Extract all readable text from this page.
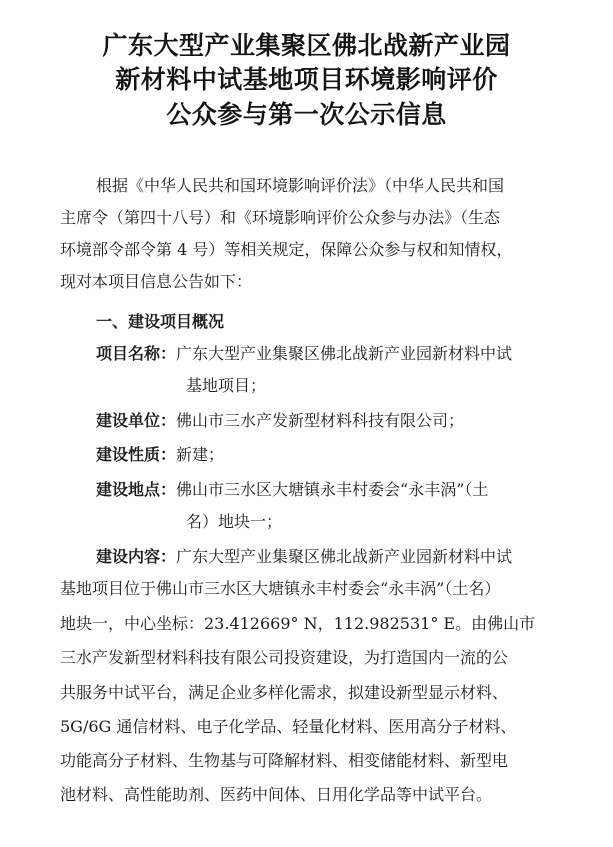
广东大型产业集聚区佛北战新产业园
新材料中试基地项目环境影响评价
公众参与第一次公示信息
根据《中华人民共和国环境影响评价法》（中华人民共和国
主席令（第四十八号）和《环境影响评价公众参与办法》（生态
环境部令部令第 4 号）等相关规定，保障公众参与权和知情权，
现对本项目信息公告如下：
一、建设项目概况
项目名称：广东大型产业集聚区佛北战新产业园新材料中试
基地项目；
建设单位：佛山市三水产发新型材料科技有限公司；
建设性质：新建；
建设地点：佛山市三水区大塘镇永丰村委会“永丰涡”（土
名）地块一；
建设内容：广东大型产业集聚区佛北战新产业园新材料中试
基地项目位于佛山市三水区大塘镇永丰村委会“永丰涡”（土名）
地块一，中心坐标：23.412669° N，112.982531° E。由佛山市
三水产发新型材料科技有限公司投资建设，为打造国内一流的公
共服务中试平台，满足企业多样化需求，拟建设新型显示材料、
5G/6G 通信材料、电子化学品、轻量化材料、医用高分子材料、
功能高分子材料、生物基与可降解材料、相变储能材料、新型电
池材料、高性能助剂、医药中间体、日用化学品等中试平台。
